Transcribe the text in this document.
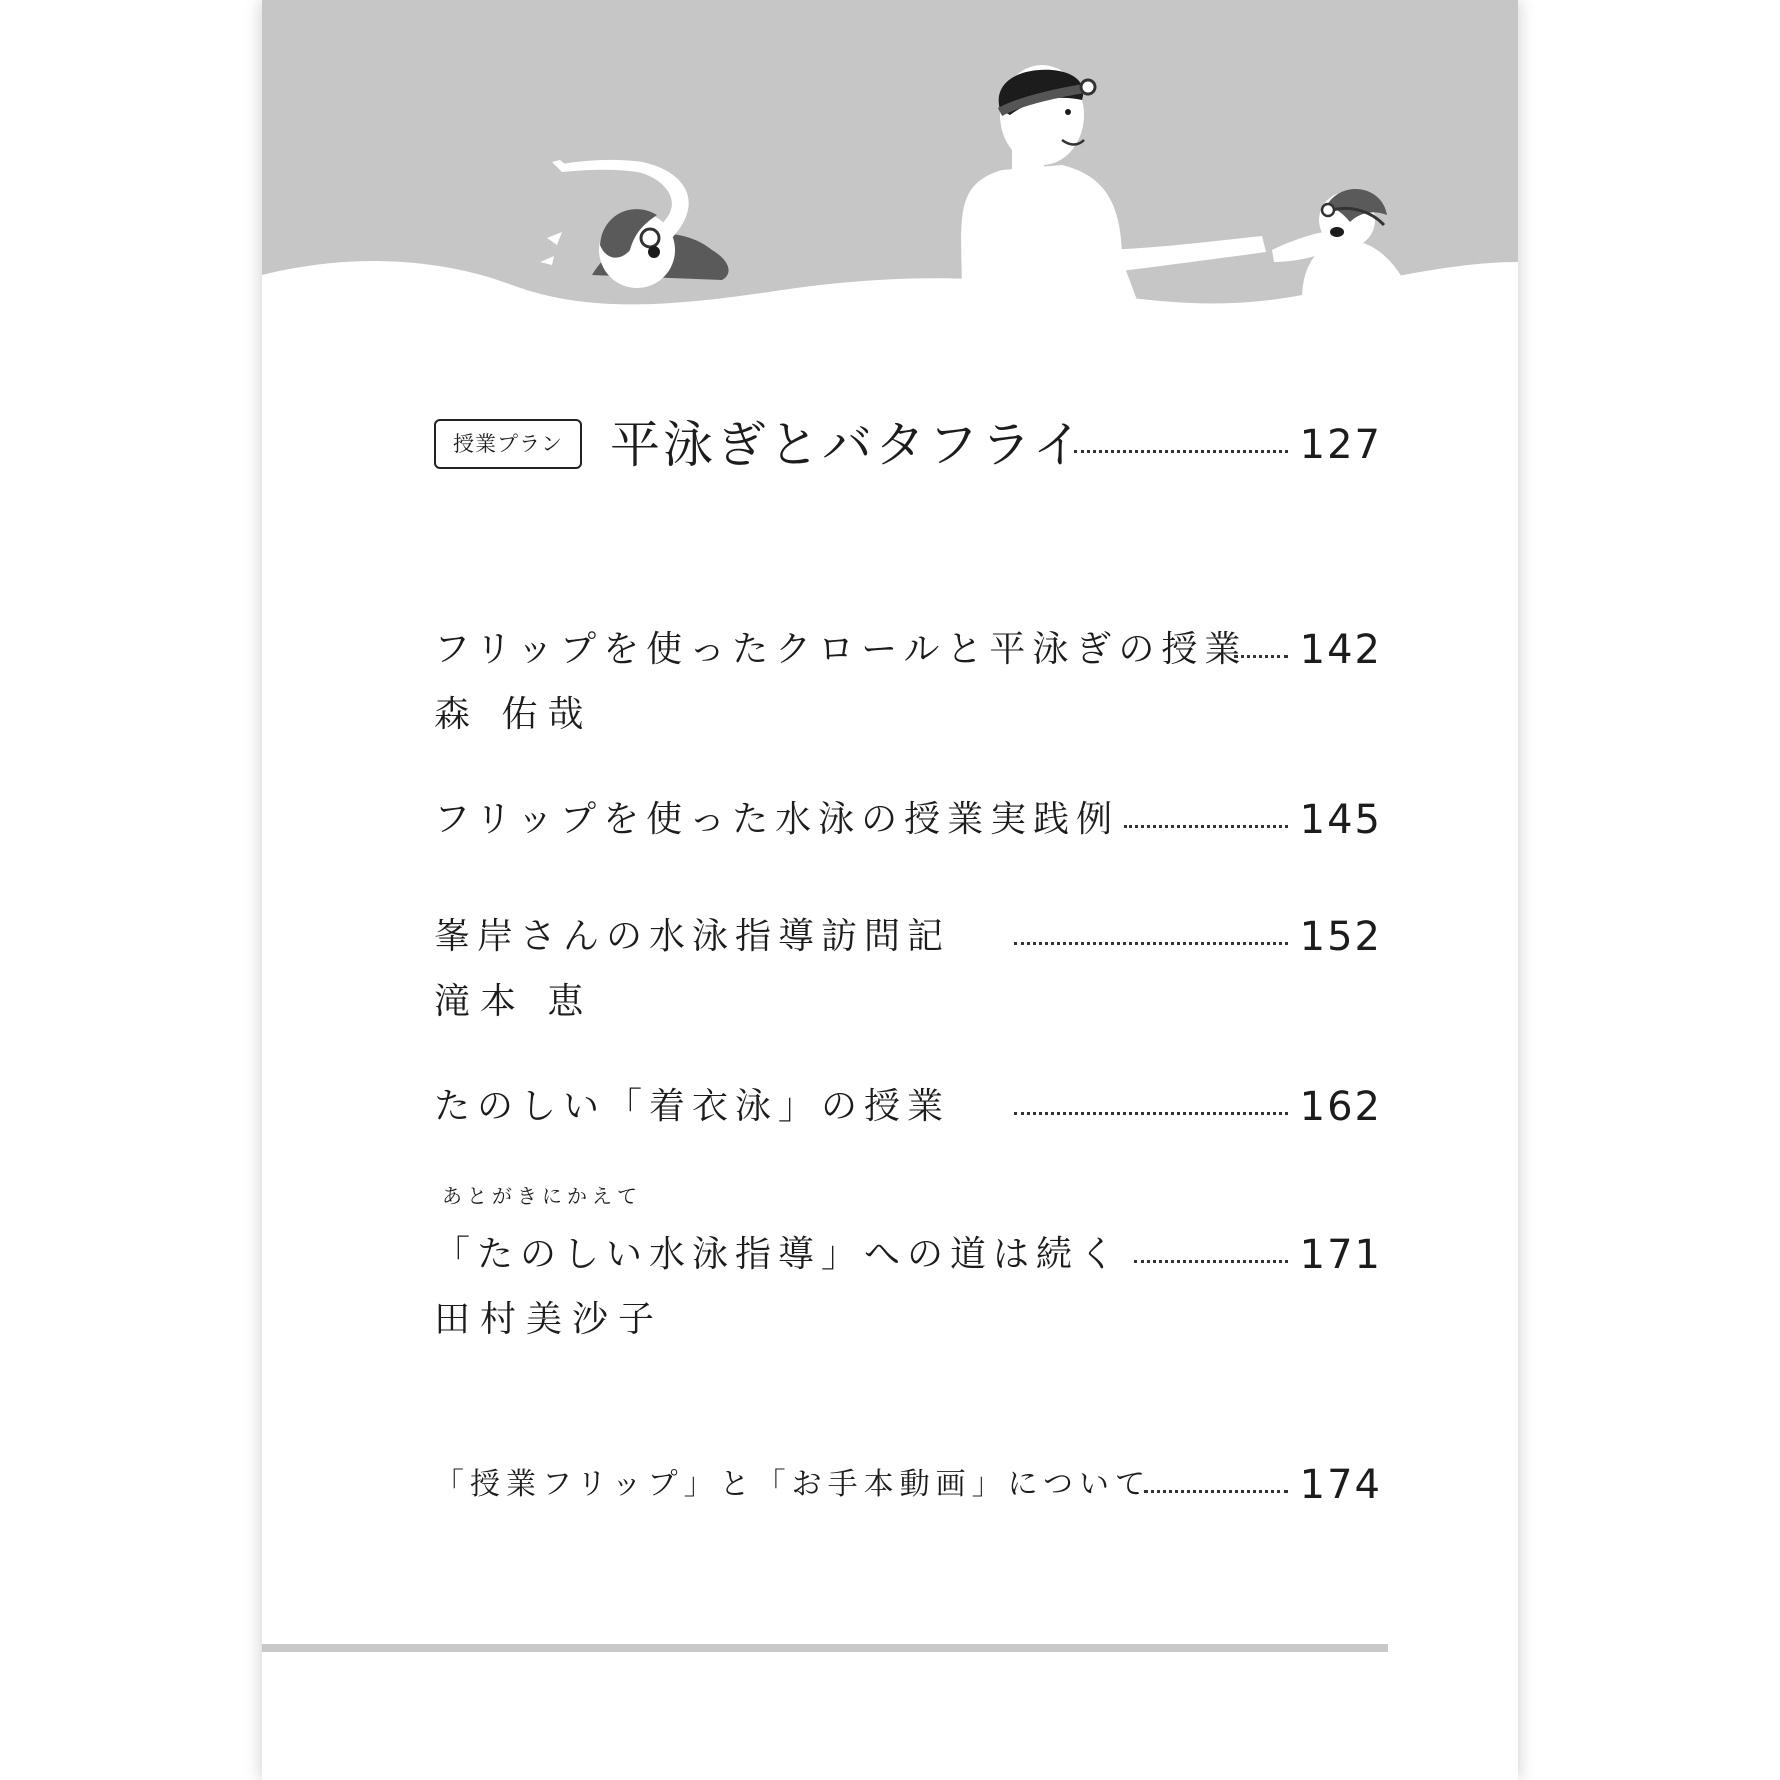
授業プラン 平泳ぎとバタフライ	127
フリップを使ったクロールと平泳ぎの授業 142
森 佑哉
フリップを使った水泳の授業実践例	145
峯岸さんの水泳指導訪問記	152
滝本 恵
たのしい「着衣泳」の授業	162
あとがきにかえて
「たのしい水泳指導」への道は続く	171
田村美沙子
「授業フリップ」と「お手本動画」について	174
